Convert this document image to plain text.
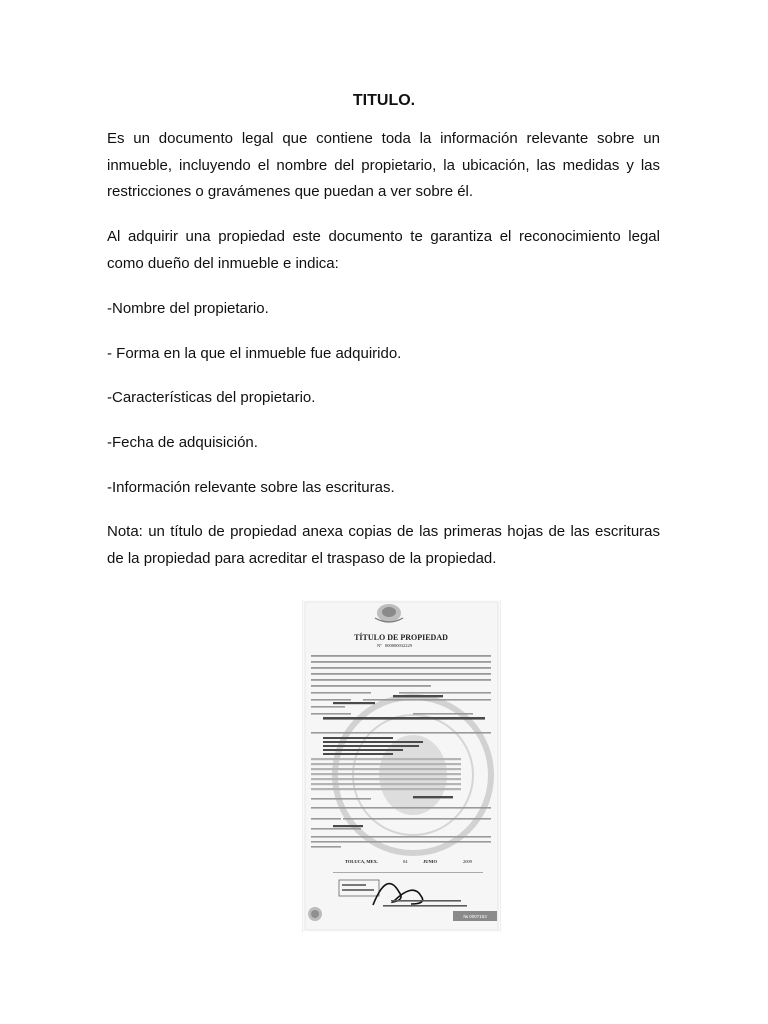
TITULO.

Es un documento legal que contiene toda la información relevante sobre un inmueble, incluyendo el nombre del propietario, la ubicación, las medidas y las restricciones o gravámenes que puedan a ver sobre él.

Al adquirir una propiedad este documento te garantiza el reconocimiento legal como dueño del inmueble e indica:

-Nombre del propietario.

- Forma en la que el inmueble fue adquirido.

-Características del propietario.

-Fecha de adquisición.

-Información relevante sobre las escrituras.

Nota: un título de propiedad anexa copias de las primeras hojas de las escrituras de la propiedad para acreditar el traspaso de la propiedad.

TÍTULO DE PROPIEDAD
Nº 000000032229
TOLUCA, MEX.	04	JUNIO	2009
№ 0007153
